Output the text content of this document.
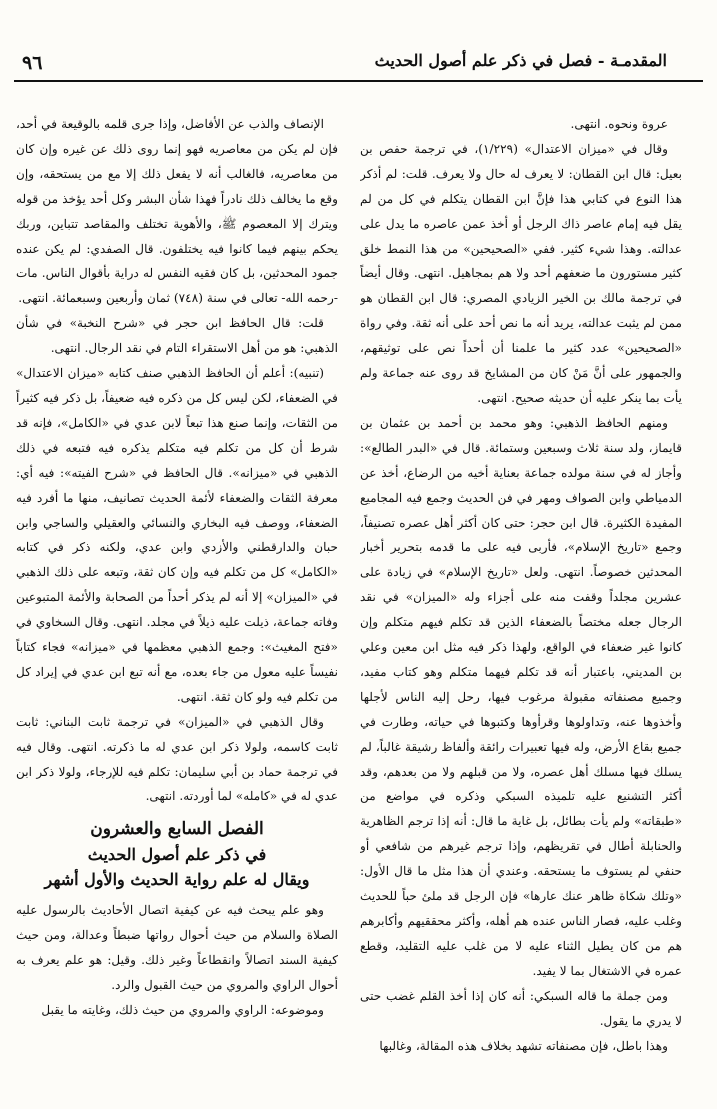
٩٦	المقدمـة - فصل في ذكر علم أصول الحديث

عروة ونحوه. انتهى.

وقال في «ميزان الاعتدال» (١/٢٢٩)، في ترجمة حفص بن بعيل: قال ابن القطان: لا يعرف له حال ولا يعرف. قلت: لم أذكر هذا النوع في كتابي هذا فإنَّ ابن القطان يتكلم في كل من لم يقل فيه إمام عاصر ذاك الرجل أو أخذ عمن عاصره ما يدل على عدالته. وهذا شيء كثير. ففي «الصحيحين» من هذا النمط خلق كثير مستورون ما ضعفهم أحد ولا هم بمجاهيل. انتهى. وقال أيضاً في ترجمة مالك بن الخير الزيادي المصري: قال ابن القطان هو ممن لم يثبت عدالته، يريد أنه ما نص أحد على أنه ثقة. وفي رواة «الصحيحين» عدد كثير ما علمنا أن أحداً نص على توثيقهم، والجمهور على أنَّ مَنْ كان من المشايخ قد روى عنه جماعة ولم يأت بما ينكر عليه أن حديثه صحيح. انتهى.

ومنهم الحافظ الذهبي: وهو محمد بن أحمد بن عثمان بن قايماز، ولد سنة ثلاث وسبعين وستمائة. قال في «البدر الطالع»: وأجاز له في سنة مولده جماعة بعناية أخيه من الرضاع، أخذ عن الدمياطي وابن الصواف ومهر في فن الحديث وجمع فيه المجاميع المفيدة الكثيرة. قال ابن حجر: حتى كان أكثر أهل عصره تصنيفاً، وجمع «تاريخ الإسلام»، فأربى فيه على ما قدمه بتحرير أخبار المحدثين خصوصاً. انتهى. ولعل «تاريخ الإسلام» في زيادة على عشرين مجلداً وقفت منه على أجزاء وله «الميزان» في نقد الرجال جعله مختصاً بالضعفاء الذين قد تكلم فيهم متكلم وإن كانوا غير ضعفاء في الواقع، ولهذا ذكر فيه مثل ابن معين وعلي بن المديني، باعتبار أنه قد تكلم فيهما متكلم وهو كتاب مفيد، وجميع مصنفاته مقبولة مرغوب فيها، رحل إليه الناس لأجلها وأخذوها عنه، وتداولوها وقرأوها وكتبوها في حياته، وطارت في جميع بقاع الأرض، وله فيها تعبيرات رائقة وألفاظ رشيقة غالباً، لم يسلك فيها مسلك أهل عصره، ولا من قبلهم ولا من بعدهم، وقد أكثر التشنيع عليه تلميذه السبكي وذكره في مواضع من «طبقاته» ولم يأت بطائل، بل غاية ما قال: أنه إذا ترجم الظاهرية والحنابلة أطال في تقريظهم، وإذا ترجم غيرهم من شافعي أو حنفي لم يستوف ما يستحقه. وعندي أن هذا مثل ما قال الأول: «وتلك شكاة ظاهر عنك عارها» فإن الرجل قد ملئ حباً للحديث وغلب عليه، فصار الناس عنده هم أهله، وأكثر محققيهم وأكابرهم هم من كان يطيل الثناء عليه لا من غلب عليه التقليد، وقطع عمره في الاشتغال بما لا يفيد.

ومن جملة ما قاله السبكي: أنه كان إذا أخذ القلم غضب حتى لا يدري ما يقول.

وهذا باطل، فإن مصنفاته تشهد بخلاف هذه المقالة، وغالبها

الإنصاف والذب عن الأفاضل، وإذا جرى قلمه بالوقيعة في أحد، فإن لم يكن من معاصريه فهو إنما روى ذلك عن غيره وإن كان من معاصريه، فالغالب أنه لا يفعل ذلك إلا مع من يستحقه، وإن وقع ما يخالف ذلك نادراً فهذا شأن البشر وكل أحد يؤخذ من قوله ويترك إلا المعصوم ﷺ، والأهوية تختلف والمقاصد تتباين، وربك يحكم بينهم فيما كانوا فيه يختلفون. قال الصفدي: لم يكن عنده جمود المحدثين، بل كان فقيه النفس له دراية بأقوال الناس. مات -رحمه الله- تعالى في سنة (٧٤٨) ثمان وأربعين وسبعمائة. انتهى.

قلت: قال الحافظ ابن حجر في «شرح النخبة» في شأن الذهبي: هو من أهل الاستقراء التام في نقد الرجال. انتهى.

(تنبيه): أعلم أن الحافظ الذهبي صنف كتابه «ميزان الاعتدال» في الضعفاء، لكن ليس كل من ذكره فيه ضعيفاً، بل ذكر فيه كثيراً من الثقات، وإنما صنع هذا تبعاً لابن عدي في «الكامل»، فإنه قد شرط أن كل من تكلم فيه متكلم يذكره فيه فتبعه في ذلك الذهبي في «ميزانه». قال الحافظ في «شرح الفيته»: فيه أي: معرفة الثقات والضعفاء لأئمة الحديث تصانيف، منها ما أفرد فيه الضعفاء، ووصف فيه البخاري والنسائي والعقيلي والساجي وابن حبان والدارقطني والأزدي وابن عدي، ولكنه ذكر في كتابه «الكامل» كل من تكلم فيه وإن كان ثقة، وتبعه على ذلك الذهبي في «الميزان» إلا أنه لم يذكر أحداً من الصحابة والأئمة المتبوعين وفاته جماعة، ذيلت عليه ذيلاً في مجلد. انتهى. وقال السخاوي في «فتح المغيث»: وجمع الذهبي معظمها في «ميزانه» فجاء كتاباً نفيساً عليه معول من جاء بعده، مع أنه تبع ابن عدي في إيراد كل من تكلم فيه ولو كان ثقة. انتهى.

وقال الذهبي في «الميزان» في ترجمة ثابت البناني: ثابت ثابت كاسمه، ولولا ذكر ابن عدي له ما ذكرته. انتهى. وقال فيه في ترجمة حماد بن أبي سليمان: تكلم فيه للإرجاء، ولولا ذكر ابن عدي له في «كامله» لما أوردته. انتهى.

الفصل السابع والعشرون
في ذكر علم أصول الحديث
ويقال له علم رواية الحديث والأول أشهر

وهو علم يبحث فيه عن كيفية اتصال الأحاديث بالرسول عليه الصلاة والسلام من حيث أحوال رواتها ضبطاً وعدالة، ومن حيث كيفية السند اتصالاً وانقطاعاً وغير ذلك. وقيل: هو علم يعرف به أحوال الراوي والمروي من حيث القبول والرد.

وموضوعه: الراوي والمروي من حيث ذلك، وغايته ما يقبل
